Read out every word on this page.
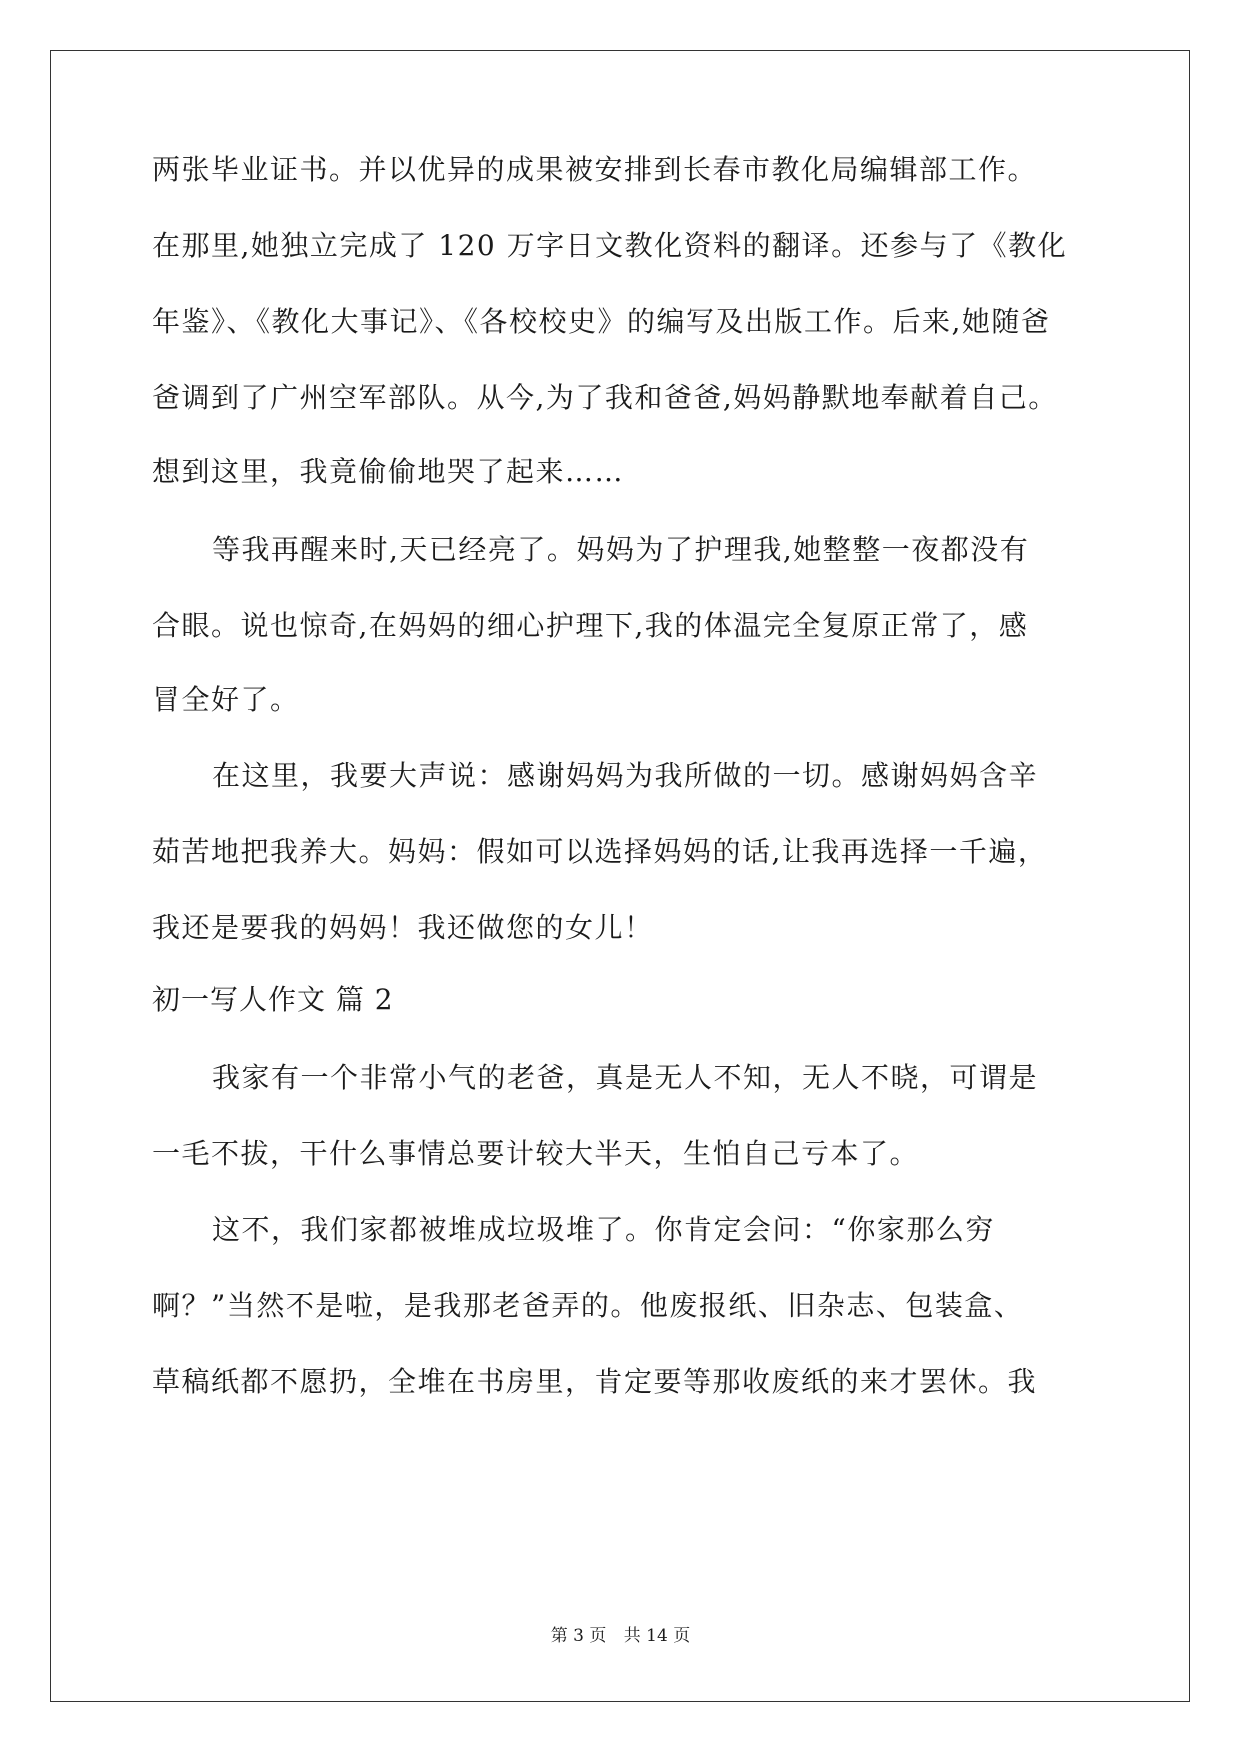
两张毕业证书。并以优异的成果被安排到长春市教化局编辑部工作。
在那里,她独立完成了 120 万字日文教化资料的翻译。还参与了《教化
年鉴》、《教化大事记》、《各校校史》的编写及出版工作。后来,她随爸
爸调到了广州空军部队。从今,为了我和爸爸,妈妈静默地奉献着自己。
想到这里，我竟偷偷地哭了起来……
等我再醒来时,天已经亮了。妈妈为了护理我,她整整一夜都没有
合眼。说也惊奇,在妈妈的细心护理下,我的体温完全复原正常了，感
冒全好了。
在这里，我要大声说：感谢妈妈为我所做的一切。感谢妈妈含辛
茹苦地把我养大。妈妈：假如可以选择妈妈的话,让我再选择一千遍，
我还是要我的妈妈！我还做您的女儿！
初一写人作文 篇 2
我家有一个非常小气的老爸，真是无人不知，无人不晓，可谓是
一毛不拔，干什么事情总要计较大半天，生怕自己亏本了。
这不，我们家都被堆成垃圾堆了。你肯定会问：“你家那么穷
啊？”当然不是啦，是我那老爸弄的。他废报纸、旧杂志、包装盒、
草稿纸都不愿扔，全堆在书房里，肯定要等那收废纸的来才罢休。我
第 3 页 共 14 页
